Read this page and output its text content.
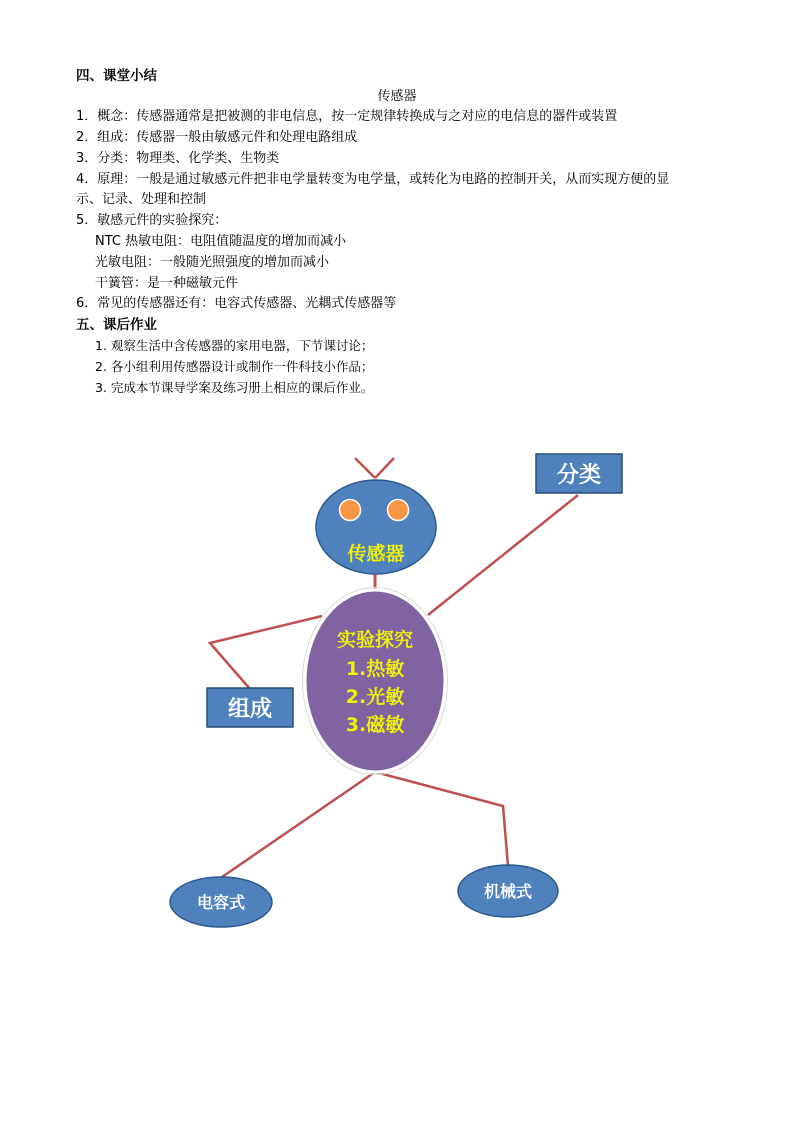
四、课堂小结
传感器
1．概念：传感器通常是把被测的非电信息，按一定规律转换成与之对应的电信息的器件或装置
2．组成：传感器一般由敏感元件和处理电路组成
3．分类：物理类、化学类、生物类
4．原理：一般是通过敏感元件把非电学量转变为电学量，或转化为电路的控制开关，从而实现方便的显
示、记录、处理和控制
5．敏感元件的实验探究：
NTC 热敏电阻：电阻值随温度的增加而减小
光敏电阻：一般随光照强度的增加而减小
干簧管：是一种磁敏元件
6．常见的传感器还有：电容式传感器、光耦式传感器等
五、课后作业
1. 观察生活中含传感器的家用电器，下节课讨论；
2. 各小组利用传感器设计或制作一件科技小作品；
3. 完成本节课导学案及练习册上相应的课后作业。
传感器
实验探究
1.热敏
2.光敏
3.磁敏
分类
组成
电容式
机械式
